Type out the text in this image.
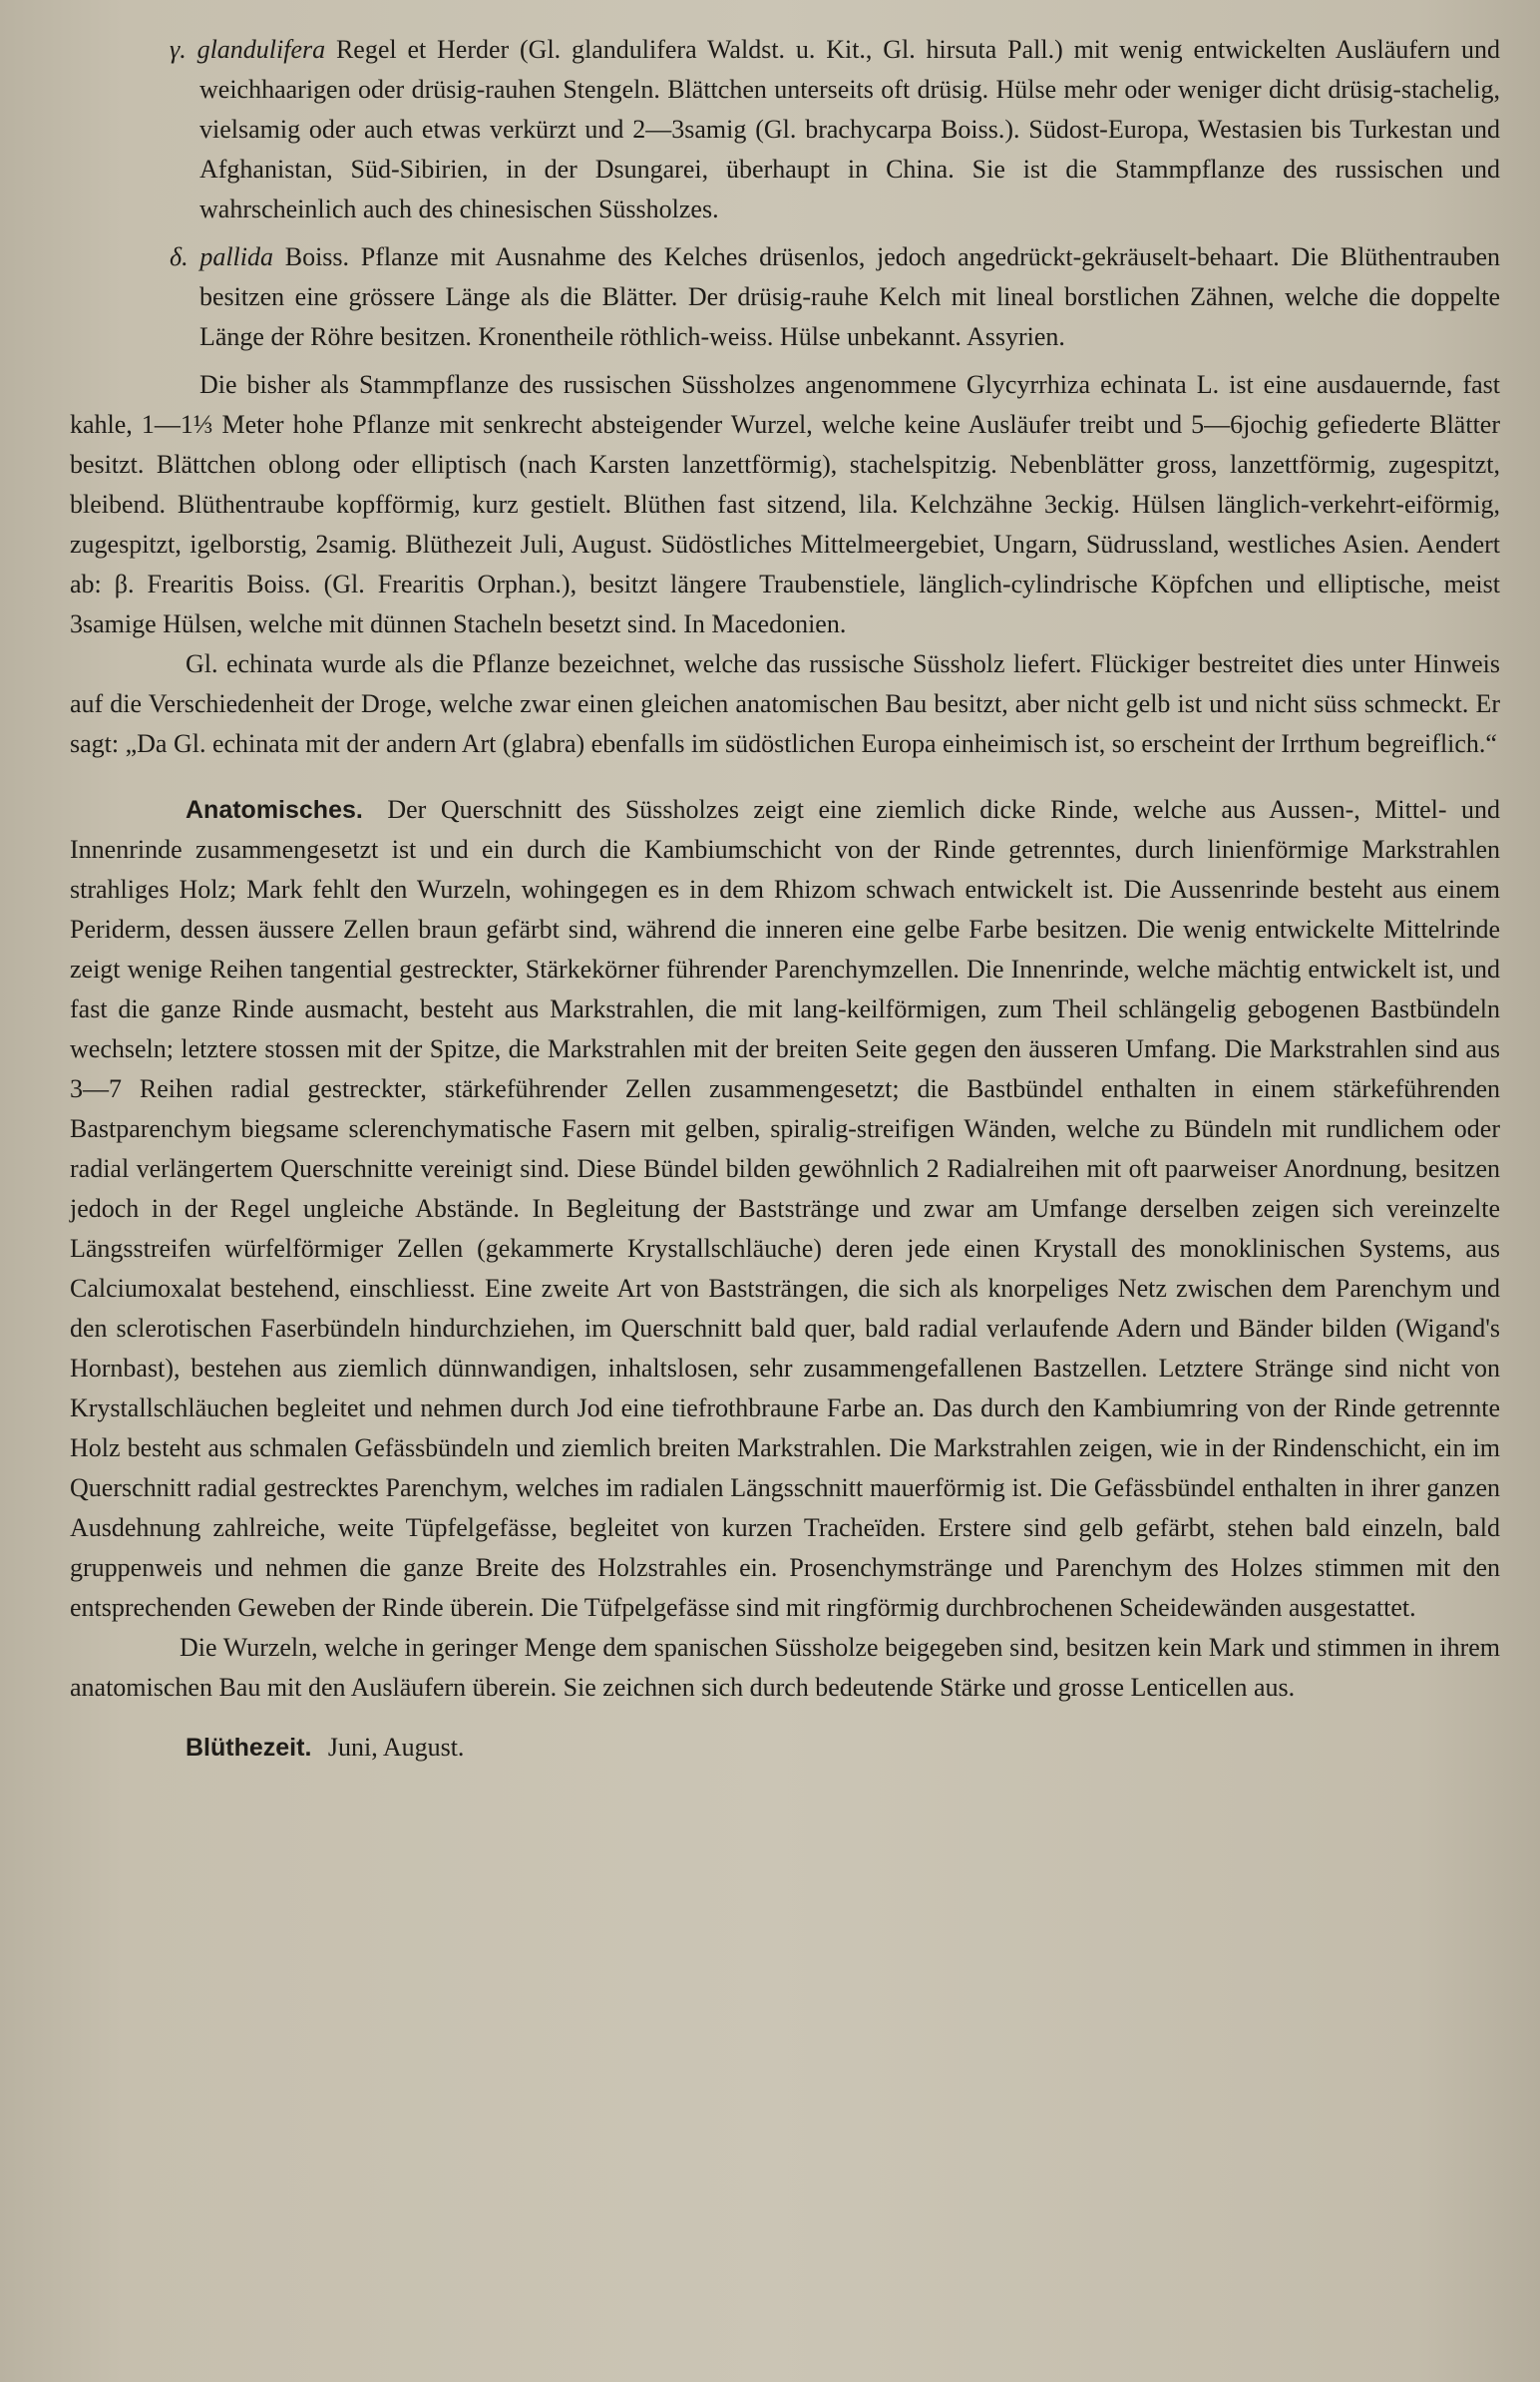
γ. glandulifera Regel et Herder (Gl. glandulifera Waldst. u. Kit., Gl. hirsuta Pall.) mit wenig entwickelten Ausläufern und weichhaarigen oder drüsig-rauhen Stengeln. Blättchen unterseits oft drüsig. Hülse mehr oder weniger dicht drüsig-stachelig, vielsamig oder auch etwas verkürzt und 2—3samig (Gl. brachycarpa Boiss.). Südost-Europa, Westasien bis Turkestan und Afghanistan, Süd-Sibirien, in der Dsungarei, überhaupt in China. Sie ist die Stammpflanze des russischen und wahrscheinlich auch des chinesischen Süssholzes.

δ. pallida Boiss. Pflanze mit Ausnahme des Kelches drüsenlos, jedoch angedrückt-gekräuselt-behaart. Die Blüthentrauben besitzen eine grössere Länge als die Blätter. Der drüsig-rauhe Kelch mit lineal borstlichen Zähnen, welche die doppelte Länge der Röhre besitzen. Kronentheile röthlich-weiss. Hülse unbekannt. Assyrien.

Die bisher als Stammpflanze des russischen Süssholzes angenommene Glycyrrhiza echinata L. ist eine ausdauernde, fast kahle, 1—1⅓ Meter hohe Pflanze mit senkrecht absteigender Wurzel, welche keine Ausläufer treibt und 5—6jochig gefiederte Blätter besitzt. Blättchen oblong oder elliptisch (nach Karsten lanzettförmig), stachelspitzig. Nebenblätter gross, lanzettförmig, zugespitzt, bleibend. Blüthentraube kopfförmig, kurz gestielt. Blüthen fast sitzend, lila. Kelchzähne 3eckig. Hülsen länglich-verkehrt-eiförmig, zugespitzt, igelborstig, 2samig. Blüthezeit Juli, August. Südöstliches Mittelmeergebiet, Ungarn, Südrussland, westliches Asien. Aendert ab: β. Frearitis Boiss. (Gl. Frearitis Orphan.), besitzt längere Traubenstiele, länglich-cylindrische Köpfchen und elliptische, meist 3samige Hülsen, welche mit dünnen Stacheln besetzt sind. In Macedonien.

Gl. echinata wurde als die Pflanze bezeichnet, welche das russische Süssholz liefert. Flückiger bestreitet dies unter Hinweis auf die Verschiedenheit der Droge, welche zwar einen gleichen anatomischen Bau besitzt, aber nicht gelb ist und nicht süss schmeckt. Er sagt: „Da Gl. echinata mit der andern Art (glabra) ebenfalls im südöstlichen Europa einheimisch ist, so erscheint der Irrthum begreiflich.“

Anatomisches. Der Querschnitt des Süssholzes zeigt eine ziemlich dicke Rinde, welche aus Aussen-, Mittel- und Innenrinde zusammengesetzt ist und ein durch die Kambiumschicht von der Rinde getrenntes, durch linienförmige Markstrahlen strahliges Holz; Mark fehlt den Wurzeln, wohingegen es in dem Rhizom schwach entwickelt ist. Die Aussenrinde besteht aus einem Periderm, dessen äussere Zellen braun gefärbt sind, während die inneren eine gelbe Farbe besitzen. Die wenig entwickelte Mittelrinde zeigt wenige Reihen tangential gestreckter, Stärkekörner führender Parenchymzellen. Die Innenrinde, welche mächtig entwickelt ist, und fast die ganze Rinde ausmacht, besteht aus Markstrahlen, die mit lang-keilförmigen, zum Theil schlängelig gebogenen Bastbündeln wechseln; letztere stossen mit der Spitze, die Markstrahlen mit der breiten Seite gegen den äusseren Umfang. Die Markstrahlen sind aus 3—7 Reihen radial gestreckter, stärkeführender Zellen zusammengesetzt; die Bastbündel enthalten in einem stärkeführenden Bastparenchym biegsame sclerenchymatische Fasern mit gelben, spiralig-streifigen Wänden, welche zu Bündeln mit rundlichem oder radial verlängertem Querschnitte vereinigt sind. Diese Bündel bilden gewöhnlich 2 Radialreihen mit oft paarweiser Anordnung, besitzen jedoch in der Regel ungleiche Abstände. In Begleitung der Baststränge und zwar am Umfange derselben zeigen sich vereinzelte Längsstreifen würfelförmiger Zellen (gekammerte Krystallschläuche) deren jede einen Krystall des monoklinischen Systems, aus Calciumoxalat bestehend, einschliesst. Eine zweite Art von Baststrängen, die sich als knorpeliges Netz zwischen dem Parenchym und den sclerotischen Faserbündeln hindurchziehen, im Querschnitt bald quer, bald radial verlaufende Adern und Bänder bilden (Wigand's Hornbast), bestehen aus ziemlich dünnwandigen, inhaltslosen, sehr zusammengefallenen Bastzellen. Letztere Stränge sind nicht von Krystallschläuchen begleitet und nehmen durch Jod eine tiefrothbraune Farbe an. Das durch den Kambiumring von der Rinde getrennte Holz besteht aus schmalen Gefässbündeln und ziemlich breiten Markstrahlen. Die Markstrahlen zeigen, wie in der Rindenschicht, ein im Querschnitt radial gestrecktes Parenchym, welches im radialen Längsschnitt mauerförmig ist. Die Gefässbündel enthalten in ihrer ganzen Ausdehnung zahlreiche, weite Tüpfelgefässe, begleitet von kurzen Tracheïden. Erstere sind gelb gefärbt, stehen bald einzeln, bald gruppenweis und nehmen die ganze Breite des Holzstrahles ein. Prosenchymstränge und Parenchym des Holzes stimmen mit den entsprechenden Geweben der Rinde überein. Die Tüfpelgefässe sind mit ringförmig durchbrochenen Scheidewänden ausgestattet.

Die Wurzeln, welche in geringer Menge dem spanischen Süssholze beigegeben sind, besitzen kein Mark und stimmen in ihrem anatomischen Bau mit den Ausläufern überein. Sie zeichnen sich durch bedeutende Stärke und grosse Lenticellen aus.

Blüthezeit. Juni, August.
